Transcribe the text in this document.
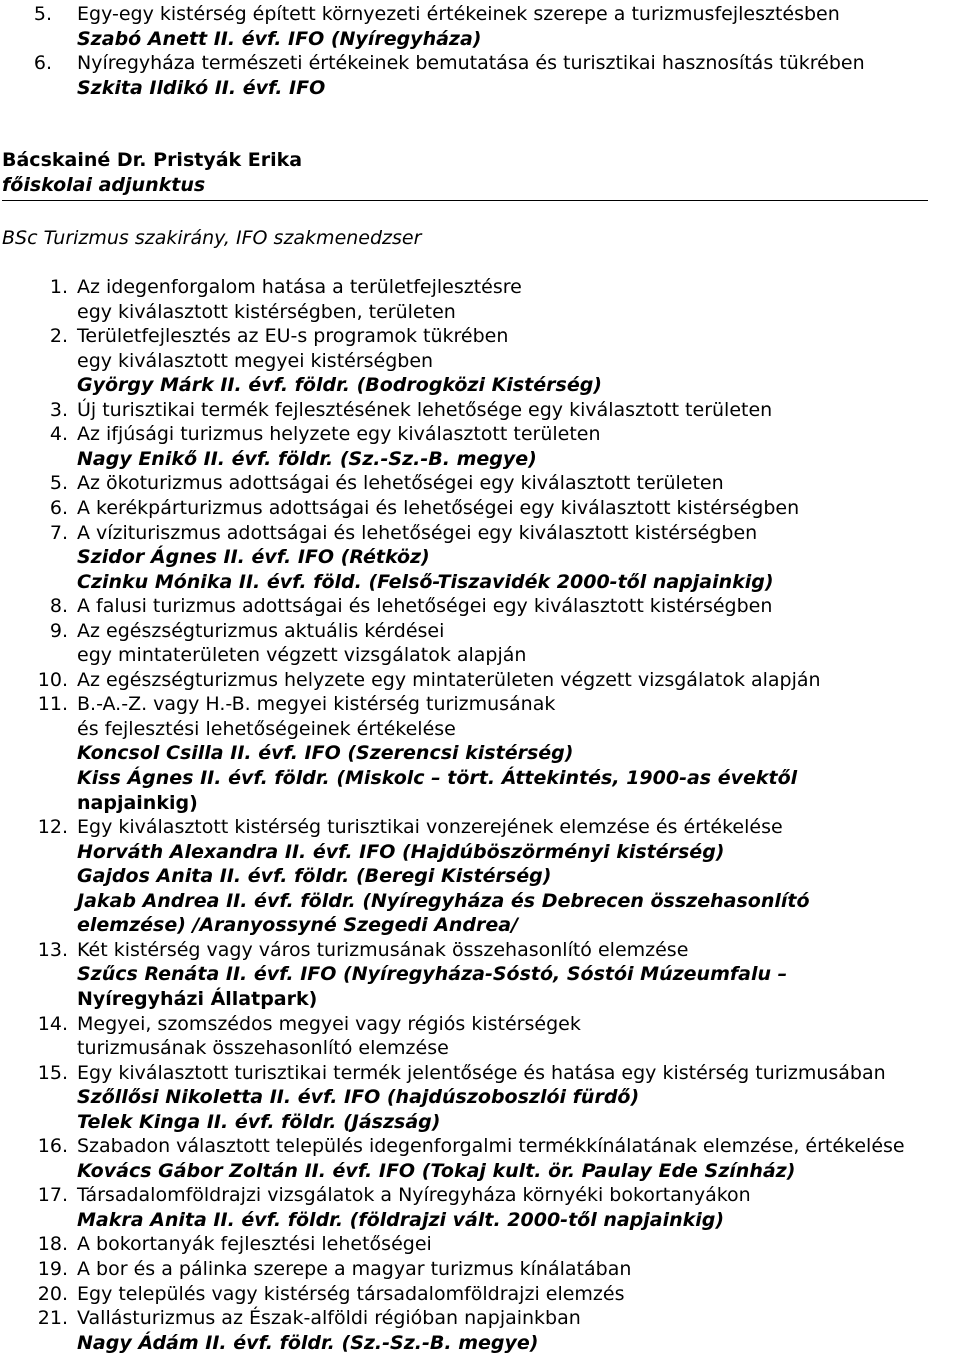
5. Egy-egy kistérség épített környezeti értékeinek szerepe a turizmusfejlesztésben
Szabó Anett II. évf. IFO (Nyíregyháza)
6. Nyíregyháza természeti értékeinek bemutatása és turisztikai hasznosítás tükrében
Szkita Ildikó II. évf. IFO
Bácskainé Dr. Pristyák Erika
főiskolai adjunktus
BSc Turizmus szakirány, IFO szakmenedzser
1. Az idegenforgalom hatása a területfejlesztésre
egy kiválasztott kistérségben, területen
2. Területfejlesztés az EU-s programok tükrében
egy kiválasztott megyei kistérségben
György Márk II. évf. földr. (Bodrogközi Kistérség)
3. Új turisztikai termék fejlesztésének lehetősége egy kiválasztott területen
4. Az ifjúsági turizmus helyzete egy kiválasztott területen
Nagy Enikő II. évf. földr. (Sz.-Sz.-B. megye)
5. Az ökoturizmus adottságai és lehetőségei egy kiválasztott területen
6. A kerékpárturizmus adottságai és lehetőségei egy kiválasztott kistérségben
7. A vízituriszmus adottságai és lehetőségei egy kiválasztott kistérségben
Szidor Ágnes II. évf. IFO (Rétköz)
Czinku Mónika II. évf. föld. (Felső-Tiszavidék 2000-től napjainkig)
8. A falusi turizmus adottságai és lehetőségei egy kiválasztott kistérségben
9. Az egészségturizmus aktuális kérdései
egy mintaterületen végzett vizsgálatok alapján
10. Az egészségturizmus helyzete egy mintaterületen végzett vizsgálatok alapján
11. B.-A.-Z. vagy H.-B. megyei kistérség turizmusának
és fejlesztési lehetőségeinek értékelése
Koncsol Csilla II. évf. IFO (Szerencsi kistérség)
Kiss Ágnes II. évf. földr. (Miskolc – tört. Áttekintés, 1900-as évektől
napjainkig)
12. Egy kiválasztott kistérség turisztikai vonzerejének elemzése és értékelése
Horváth Alexandra II. évf. IFO (Hajdúböszörményi kistérség)
Gajdos Anita II. évf. földr. (Beregi Kistérség)
Jakab Andrea II. évf. földr. (Nyíregyháza és Debrecen összehasonlító
elemzése) /Aranyossyné Szegedi Andrea/
13. Két kistérség vagy város turizmusának összehasonlító elemzése
Szűcs Renáta II. évf. IFO (Nyíregyháza-Sóstó, Sóstói Múzeumfalu –
Nyíregyházi Állatpark)
14. Megyei, szomszédos megyei vagy régiós kistérségek
turizmusának összehasonlító elemzése
15. Egy kiválasztott turisztikai termék jelentősége és hatása egy kistérség turizmusában
Szőllősi Nikoletta II. évf. IFO (hajdúszoboszlói fürdő)
Telek Kinga II. évf. földr. (Jászság)
16. Szabadon választott település idegenforgalmi termékkínálatának elemzése, értékelése
Kovács Gábor Zoltán II. évf. IFO (Tokaj kult. ör. Paulay Ede Színház)
17. Társadalomföldrajzi vizsgálatok a Nyíregyháza környéki bokortanyákon
Makra Anita II. évf. földr. (földrajzi vált. 2000-től napjainkig)
18. A bokortanyák fejlesztési lehetőségei
19. A bor és a pálinka szerepe a magyar turizmus kínálatában
20. Egy település vagy kistérség társadalomföldrajzi elemzés
21. Vallásturizmus az Észak-alföldi régióban napjainkban
Nagy Ádám II. évf. földr. (Sz.-Sz.-B. megye)
